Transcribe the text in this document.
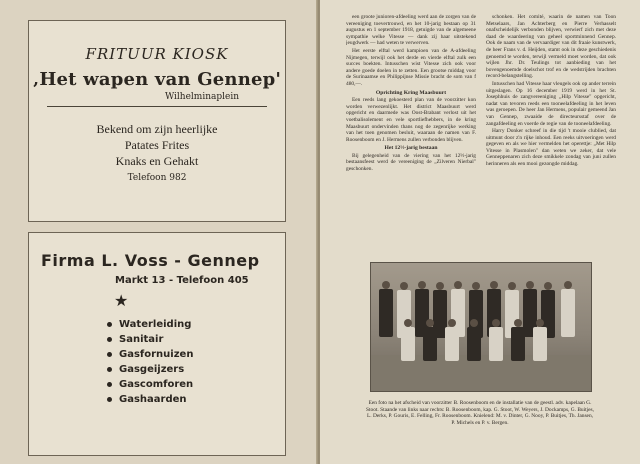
FRITUUR KIOSK
‚Het wapen van Gennep'
Wilhelminaplein
Bekend om zijn heerlijke
Patates Frites
Knaks en Gehakt
Telefoon 982
Firma L. Voss - Gennep
Markt 13 - Telefoon 405
★
Waterleiding
Sanitair
Gasfornuizen
Gasgeijzers
Gascomforen
Gashaarden

een groote junioren-afdeeling werd aan de zorgen van de vereeniging toevertrouwd, en het 10-jarig bestaan op 31 augustus en 1 september 1918, getuigde van de algemeene sympathie welke Vitesse — dank zij haar uitstekend jeugdwerk — had weten te verwerven.

Het eerste elftal werd kampioen van de A-afdeeling Nijmegen, terwijl ook het derde en vierde elftal zulk een succes boekten. Intusschen wist Vitesse zich ook voor andere goede doelen in te zetten. Een grootse middag voor de Surinaamse en Philippijnse Missie bracht de som van f 480,—.

Oprichting Kring Maasbuurt

Een reeds lang gekoesterd plan van de voorzitter kon worden verwezenlijkt. Het district Maasbuurt werd opgericht en daarmede was Oost-Brabant verlost uit het voetbalisolement en vele sportliefhebbers, in de kring Maasbuurt ondervinden thans nog de zegenrijke werking van het toen genomen besluit, waaraan de namen van F. Roosenboom en J. Hermens zullen verbonden blijven.

Het 12½-jarig bestaan

Bij gelegenheid van de viering van het 12½-jarig bestaansfeest werd de vereeniging de „Zilveren Nierbal" geschonken.

schonken. Het comité, waarin de namen van Toon Metselaars, Jan Achterberg en Pierre Verhasselt onafscheidelijk verbonden blijven, verwierf zich met deze daad de waardeering van geheel sportminnend Gennep. Ook de naam van de vervaardiger van dit fraaie kunstwerk, de heer Frans v. d. Heijden, stamt ook in deze geschiedenis genoemd te worden, terwijl vermeld moet worden, dat ook wijlen Jhr. Dr. Teulings tot aanbieding van het bovengenoemde doelschot trof en de wedstrijden brachten record-belangstelling.

Intusschen had Vitesse haar vleugels ook op ander terrein uitgeslagen. Op 16 december 1919 werd in het St. Josephhuis de zangvereeniging „Hilp Vitesse" opgericht, nadat van tevoren reeds een tooneelafdeeling in het leven was geroepen. De heer Jan Hermens, populair gemeend Jan van Gennep, zwaaide de directeursstaf over de zangafdeeling en voerde de regie van de tooneelafdeeling.

Harry Donker schreef in die tijd 't mooie clublied, dat uitmunt door z'n rijke inhoud. Een reeks uitvoeringen werd gegeven en als we hier vermelden het operettje: „Met Hilp Vitesse in Plasmolen" dan weten we zeker, dat vele Genneppenaren zich deze smikkele zondag van juni zullen herinneren als een mooi gezongde middag.

Een foto na het afscheid van voorzitter B. Roosenboom en de installatie van de geestl. adv. kapelaan G. Stoot. Staande van links naar rechts: B. Roosenboom, kap. G. Stoot, W. Weyers, J. Dockamps, G. Buitjes, L. Derks, P. Gouris, E. Felling, Fr. Roosenboom. Knielend: M. v. Dinter, G. Nooy, P. Buitjes, Th. Jansen, P. Michels en P. v. Bergen.
